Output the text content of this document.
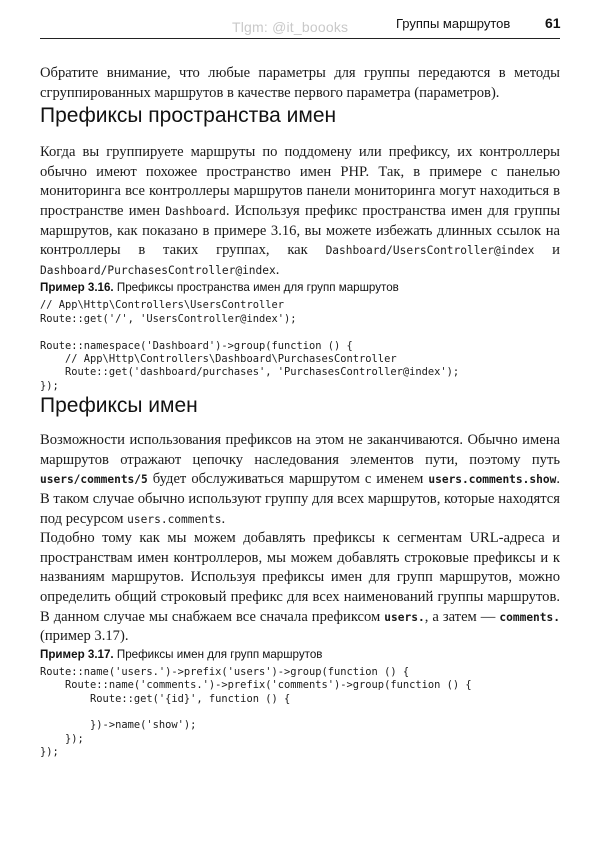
Tlgm: @it_boooks	Группы маршрутов 61

Обратите внимание, что любые параметры для группы передаются в методы сгруппированных маршрутов в качестве первого параметра (параметров).

Префиксы пространства имен

Когда вы группируете маршруты по поддомену или префиксу, их контроллеры обычно имеют похожее пространство имен PHP. Так, в примере с панелью мониторинга все контроллеры маршрутов панели мониторинга могут находиться в пространстве имен Dashboard. Используя префикс пространства имен для группы маршрутов, как показано в примере 3.16, вы можете избежать длинных ссылок на контроллеры в таких группах, как Dashboard/UsersController@index и Dashboard/PurchasesController@index.

Пример 3.16. Префиксы пространства имен для групп маршрутов

// App\Http\Controllers\UsersController
Route::get('/', 'UsersController@index');

Route::namespace('Dashboard')->group(function () {
// App\Http\Controllers\Dashboard\PurchasesController
Route::get('dashboard/purchases', 'PurchasesController@index');
});
Префиксы имен

Возможности использования префиксов на этом не заканчиваются. Обычно имена маршрутов отражают цепочку наследования элементов пути, поэтому путь users/comments/5 будет обслуживаться маршрутом с именем users.comments.show. В таком случае обычно используют группу для всех маршрутов, которые находятся под ресурсом users.comments.

Подобно тому как мы можем добавлять префиксы к сегментам URL-адреса и пространствам имен контроллеров, мы можем добавлять строковые префиксы и к названиям маршрутов. Используя префиксы имен для групп маршрутов, можно определить общий строковый префикс для всех наименований группы маршрутов. В данном случае мы снабжаем все сначала префиксом users., а затем — comments. (пример 3.17).

Пример 3.17. Префиксы имен для групп маршрутов

Route::name('users.')->prefix('users')->group(function () {
Route::name('comments.')->prefix('comments')->group(function () {
Route::get('{id}', function () {

})->name('show');
});
});
